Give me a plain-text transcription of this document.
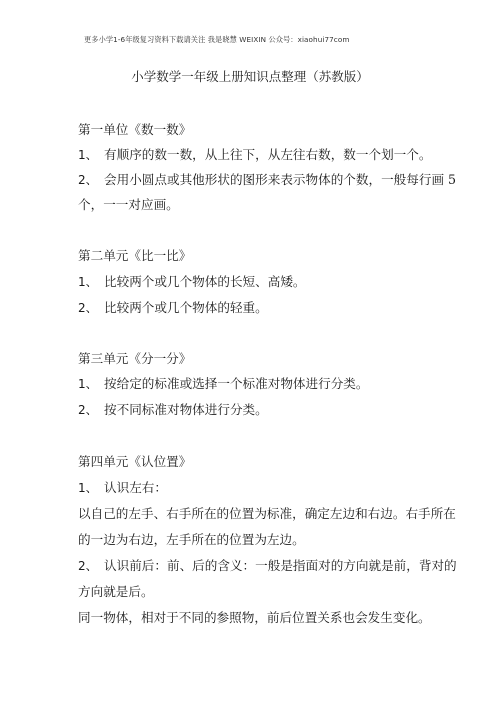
更多小学1-6年级复习资料下载请关注 我是晓慧 WEIXIN 公众号：xiaohui77com
小学数学一年级上册知识点整理（苏教版）
第一单位《数一数》
1、 有顺序的数一数，从上往下，从左往右数，数一个划一个。
2、 会用小圆点或其他形状的图形来表示物体的个数，一般每行画 5
个，一一对应画。
第二单元《比一比》
1、 比较两个或几个物体的长短、高矮。
2、 比较两个或几个物体的轻重。
第三单元《分一分》
1、 按给定的标准或选择一个标准对物体进行分类。
2、 按不同标准对物体进行分类。
第四单元《认位置》
1、 认识左右：
以自己的左手、右手所在的位置为标准，确定左边和右边。右手所在
的一边为右边，左手所在的位置为左边。
2、 认识前后：前、后的含义：一般是指面对的方向就是前，背对的
方向就是后。
同一物体，相对于不同的参照物，前后位置关系也会发生变化。
